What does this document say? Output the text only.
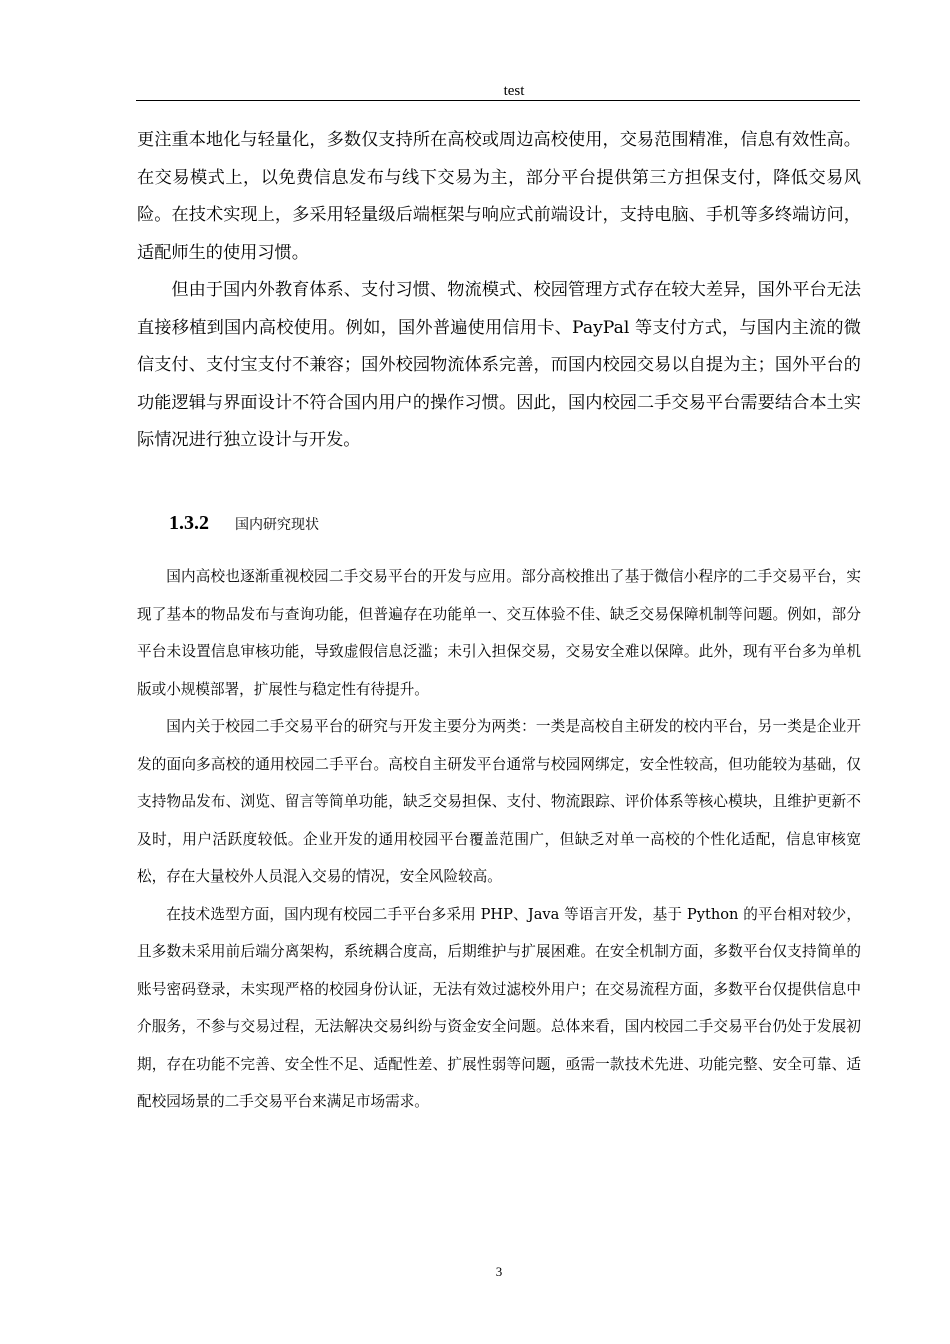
test

更注重本地化与轻量化，多数仅支持所在高校或周边高校使用，交易范围精准，信息有效性高。在交易模式上，以免费信息发布与线下交易为主，部分平台提供第三方担保支付，降低交易风险。在技术实现上，多采用轻量级后端框架与响应式前端设计，支持电脑、手机等多终端访问，适配师生的使用习惯。

但由于国内外教育体系、支付习惯、物流模式、校园管理方式存在较大差异，国外平台无法直接移植到国内高校使用。例如，国外普遍使用信用卡、PayPal 等支付方式，与国内主流的微信支付、支付宝支付不兼容；国外校园物流体系完善，而国内校园交易以自提为主；国外平台的功能逻辑与界面设计不符合国内用户的操作习惯。因此，国内校园二手交易平台需要结合本土实际情况进行独立设计与开发。

1.3.2 国内研究现状

国内高校也逐渐重视校园二手交易平台的开发与应用。部分高校推出了基于微信小程序的二手交易平台，实现了基本的物品发布与查询功能，但普遍存在功能单一、交互体验不佳、缺乏交易保障机制等问题。例如，部分平台未设置信息审核功能，导致虚假信息泛滥；未引入担保交易，交易安全难以保障。此外，现有平台多为单机版或小规模部署，扩展性与稳定性有待提升。

国内关于校园二手交易平台的研究与开发主要分为两类：一类是高校自主研发的校内平台，另一类是企业开发的面向多高校的通用校园二手平台。高校自主研发平台通常与校园网绑定，安全性较高，但功能较为基础，仅支持物品发布、浏览、留言等简单功能，缺乏交易担保、支付、物流跟踪、评价体系等核心模块，且维护更新不及时，用户活跃度较低。企业开发的通用校园平台覆盖范围广，但缺乏对单一高校的个性化适配，信息审核宽松，存在大量校外人员混入交易的情况，安全风险较高。

在技术选型方面，国内现有校园二手平台多采用 PHP、Java 等语言开发，基于 Python 的平台相对较少，且多数未采用前后端分离架构，系统耦合度高，后期维护与扩展困难。在安全机制方面，多数平台仅支持简单的账号密码登录，未实现严格的校园身份认证，无法有效过滤校外用户；在交易流程方面，多数平台仅提供信息中介服务，不参与交易过程，无法解决交易纠纷与资金安全问题。总体来看，国内校园二手交易平台仍处于发展初期，存在功能不完善、安全性不足、适配性差、扩展性弱等问题，亟需一款技术先进、功能完整、安全可靠、适配校园场景的二手交易平台来满足市场需求。

3
